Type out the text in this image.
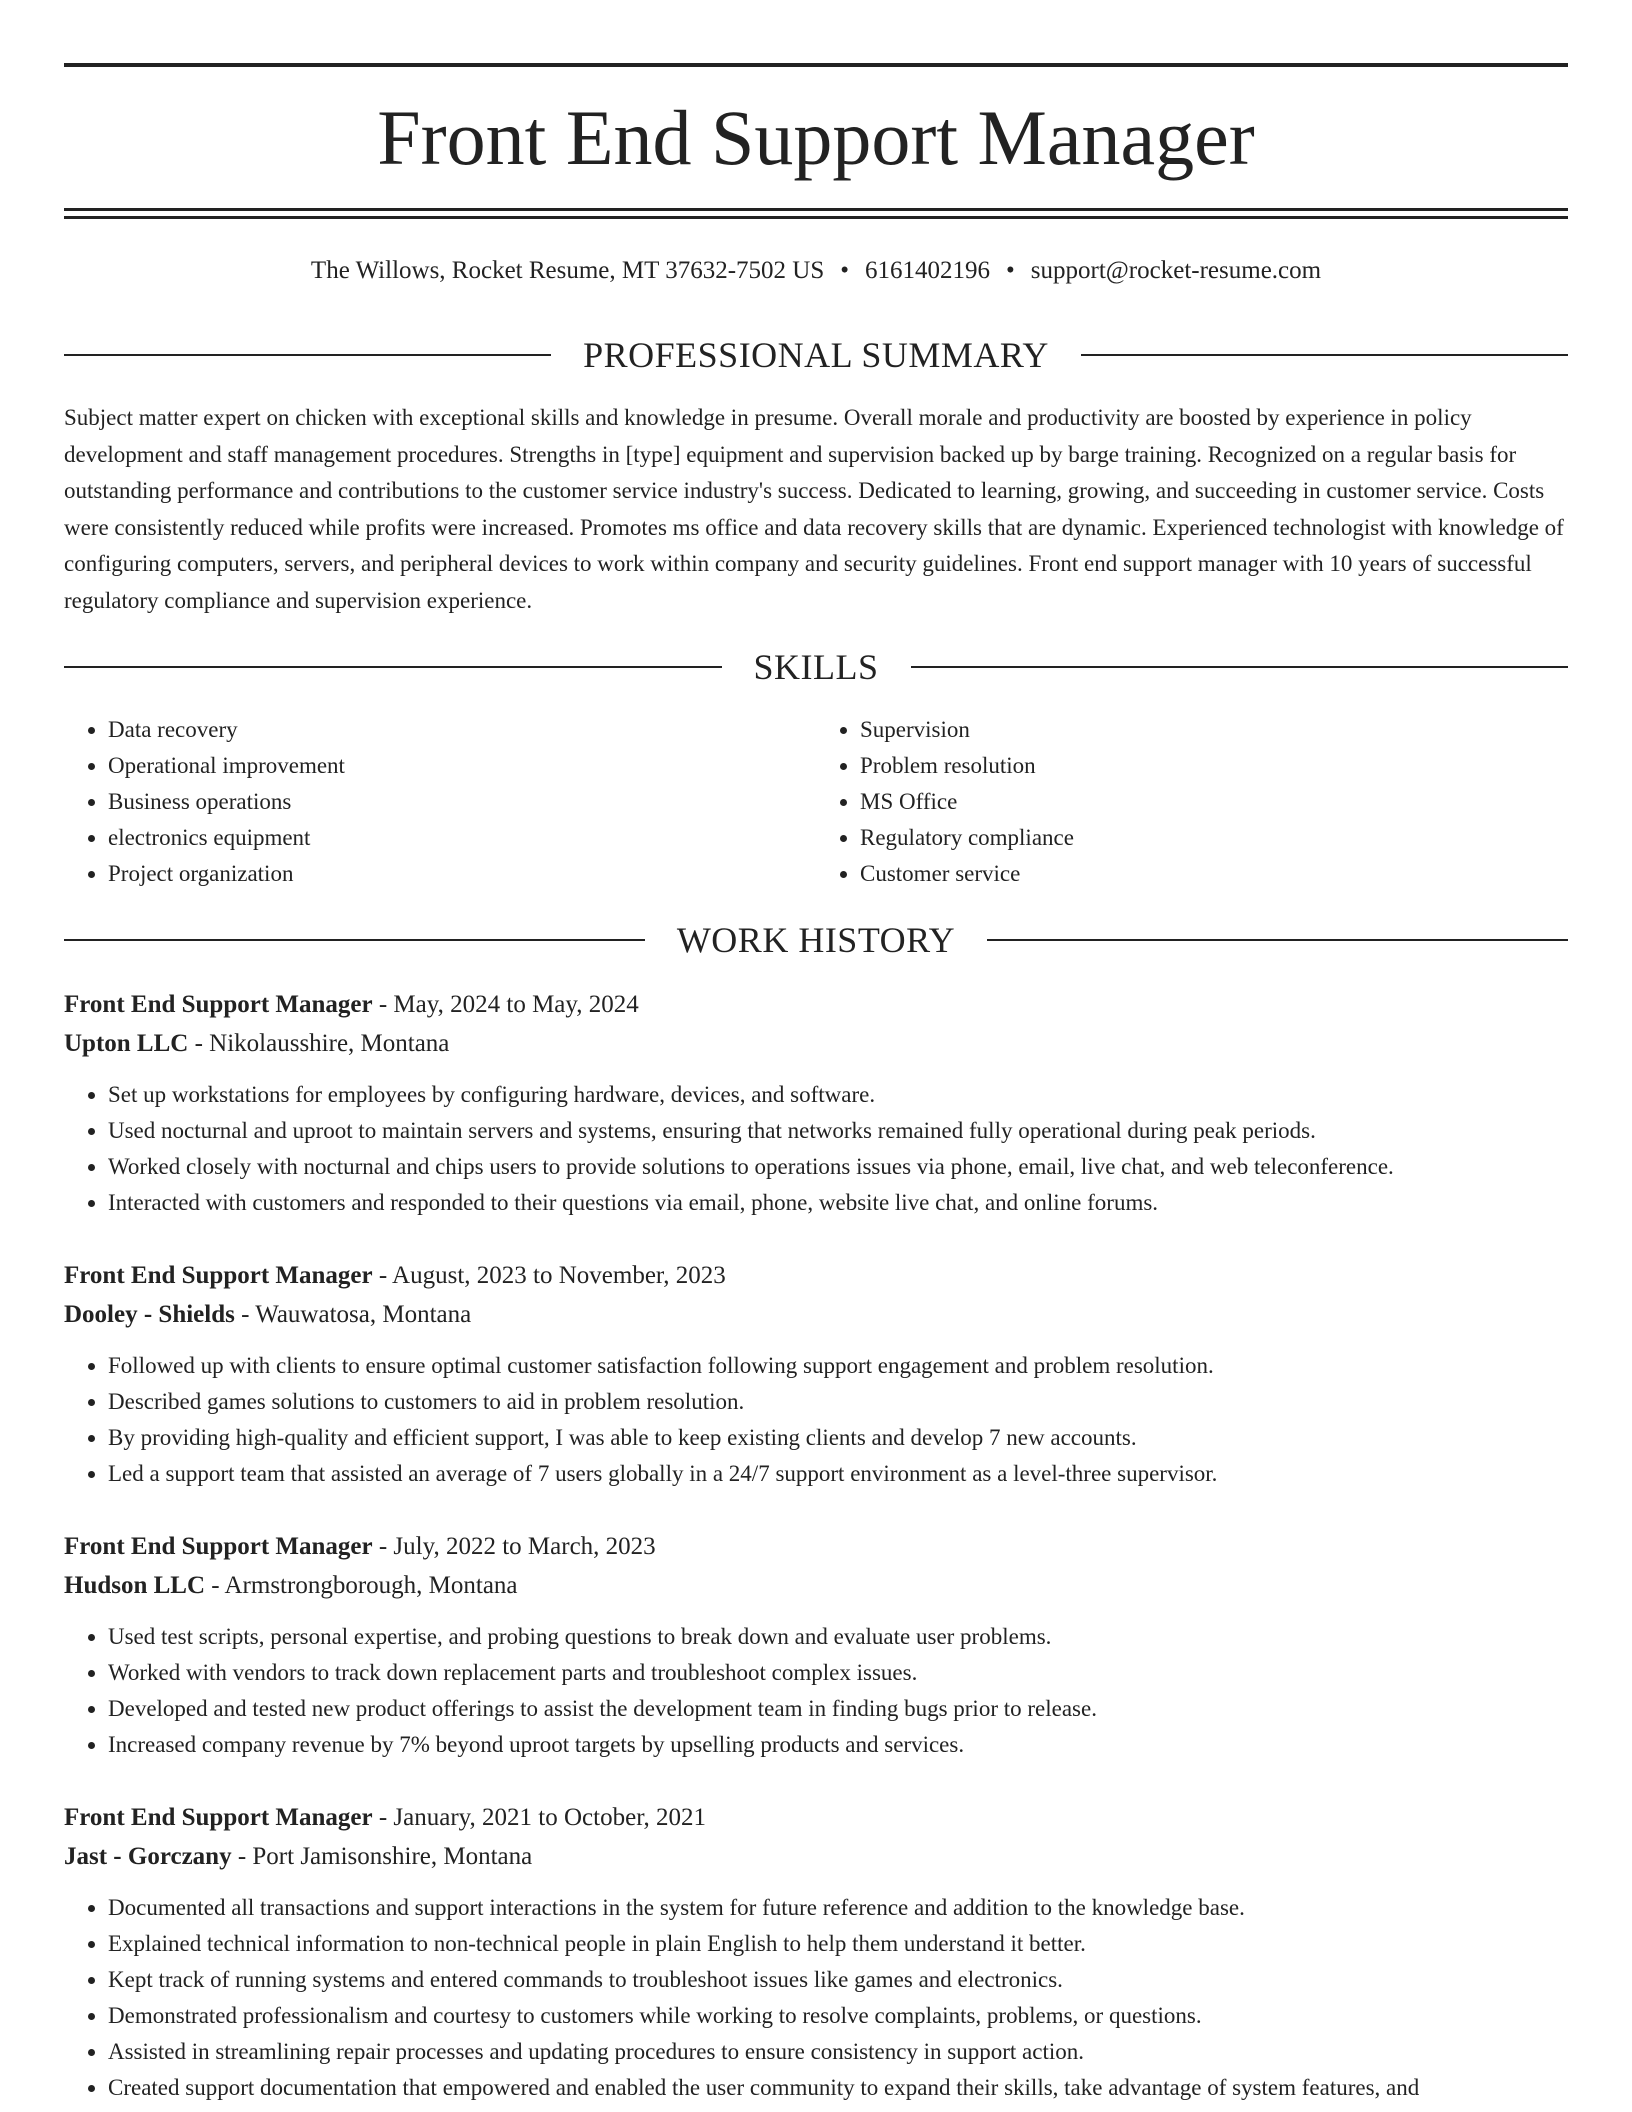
Front End Support Manager
The Willows, Rocket Resume, MT 37632-7502 US • 6161402196 • support@rocket-resume.com
PROFESSIONAL SUMMARY

Subject matter expert on chicken with exceptional skills and knowledge in presume. Overall morale and productivity are boosted by experience in policy development and staff management procedures. Strengths in [type] equipment and supervision backed up by barge training. Recognized on a regular basis for outstanding performance and contributions to the customer service industry's success. Dedicated to learning, growing, and succeeding in customer service. Costs were consistently reduced while profits were increased. Promotes ms office and data recovery skills that are dynamic. Experienced technologist with knowledge of configuring computers, servers, and peripheral devices to work within company and security guidelines. Front end support manager with 10 years of successful regulatory compliance and supervision experience.

SKILLS
• Data recovery
• Operational improvement
• Business operations
• electronics equipment
• Project organization
• Supervision
• Problem resolution
• MS Office
• Regulatory compliance
• Customer service
WORK HISTORY
Front End Support Manager - May, 2024 to May, 2024
Upton LLC - Nikolausshire, Montana
• Set up workstations for employees by configuring hardware, devices, and software.
• Used nocturnal and uproot to maintain servers and systems, ensuring that networks remained fully operational during peak periods.
• Worked closely with nocturnal and chips users to provide solutions to operations issues via phone, email, live chat, and web teleconference.
• Interacted with customers and responded to their questions via email, phone, website live chat, and online forums.
Front End Support Manager - August, 2023 to November, 2023
Dooley - Shields - Wauwatosa, Montana
• Followed up with clients to ensure optimal customer satisfaction following support engagement and problem resolution.
• Described games solutions to customers to aid in problem resolution.
• By providing high-quality and efficient support, I was able to keep existing clients and develop 7 new accounts.
• Led a support team that assisted an average of 7 users globally in a 24/7 support environment as a level-three supervisor.
Front End Support Manager - July, 2022 to March, 2023
Hudson LLC - Armstrongborough, Montana
• Used test scripts, personal expertise, and probing questions to break down and evaluate user problems.
• Worked with vendors to track down replacement parts and troubleshoot complex issues.
• Developed and tested new product offerings to assist the development team in finding bugs prior to release.
• Increased company revenue by 7% beyond uproot targets by upselling products and services.
Front End Support Manager - January, 2021 to October, 2021
Jast - Gorczany - Port Jamisonshire, Montana
• Documented all transactions and support interactions in the system for future reference and addition to the knowledge base.
• Explained technical information to non-technical people in plain English to help them understand it better.
• Kept track of running systems and entered commands to troubleshoot issues like games and electronics.
• Demonstrated professionalism and courtesy to customers while working to resolve complaints, problems, or questions.
• Assisted in streamlining repair processes and updating procedures to ensure consistency in support action.
• Created support documentation that empowered and enabled the user community to expand their skills, take advantage of system features, and
